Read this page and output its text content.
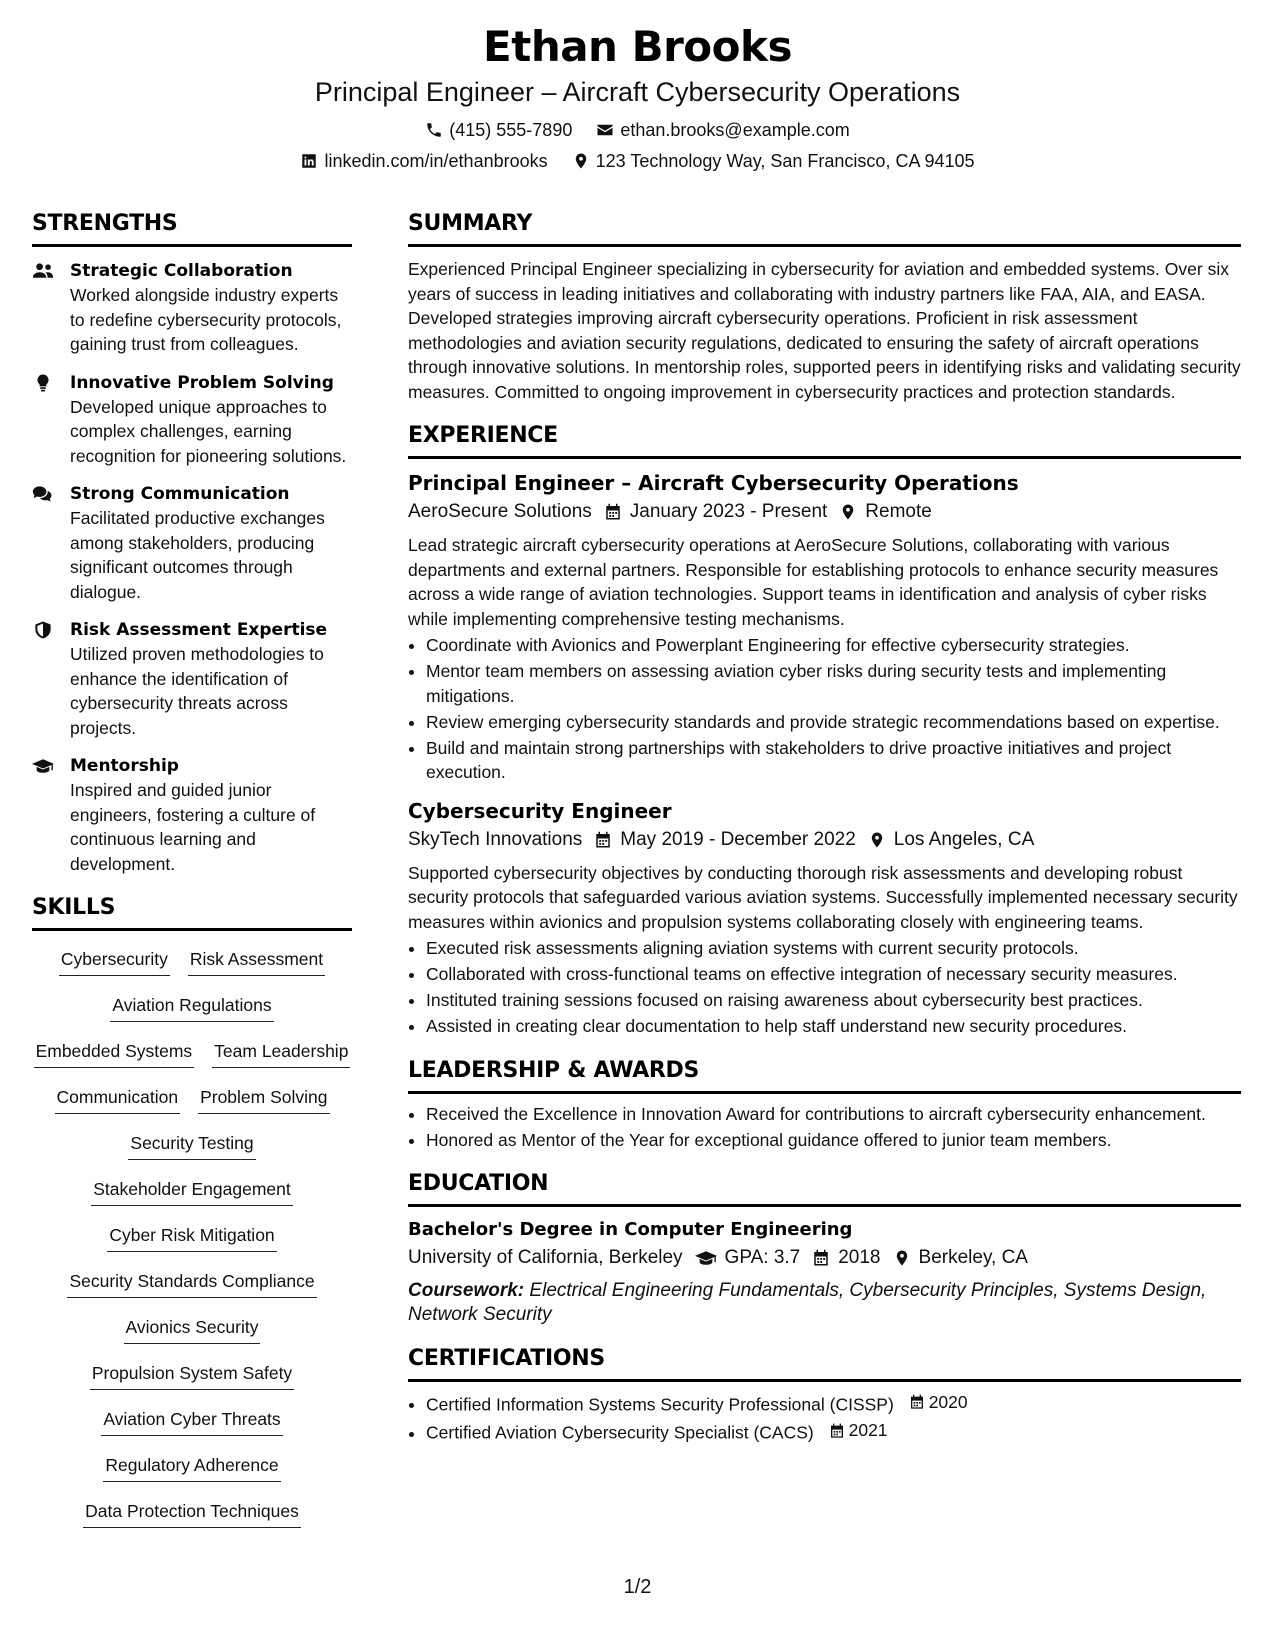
Ethan Brooks
Principal Engineer – Aircraft Cybersecurity Operations
(415) 555-7890	ethan.brooks@example.com
linkedin.com/in/ethanbrooks	123 Technology Way, San Francisco, CA 94105
STRENGTHS
Strategic Collaboration
Worked alongside industry experts to redefine cybersecurity protocols, gaining trust from colleagues.
Innovative Problem Solving
Developed unique approaches to complex challenges, earning recognition for pioneering solutions.
Strong Communication
Facilitated productive exchanges among stakeholders, producing significant outcomes through dialogue.
Risk Assessment Expertise
Utilized proven methodologies to enhance the identification of cybersecurity threats across projects.
Mentorship
Inspired and guided junior engineers, fostering a culture of continuous learning and development.
SKILLS
Cybersecurity Risk Assessment
Aviation Regulations
Embedded Systems Team Leadership
Communication Problem Solving
Security Testing
Stakeholder Engagement
Cyber Risk Mitigation
Security Standards Compliance
Avionics Security
Propulsion System Safety
Aviation Cyber Threats
Regulatory Adherence
Data Protection Techniques
SUMMARY
Experienced Principal Engineer specializing in cybersecurity for aviation and embedded systems. Over six years of success in leading initiatives and collaborating with industry partners like FAA, AIA, and EASA. Developed strategies improving aircraft cybersecurity operations. Proficient in risk assessment methodologies and aviation security regulations, dedicated to ensuring the safety of aircraft operations through innovative solutions. In mentorship roles, supported peers in identifying risks and validating security measures. Committed to ongoing improvement in cybersecurity practices and protection standards.
EXPERIENCE
Principal Engineer – Aircraft Cybersecurity Operations
AeroSecure Solutions January 2023 - Present Remote
Lead strategic aircraft cybersecurity operations at AeroSecure Solutions, collaborating with various departments and external partners. Responsible for establishing protocols to enhance security measures across a wide range of aviation technologies. Support teams in identification and analysis of cyber risks while implementing comprehensive testing mechanisms.
• Coordinate with Avionics and Powerplant Engineering for effective cybersecurity strategies.
• Mentor team members on assessing aviation cyber risks during security tests and implementing mitigations.
• Review emerging cybersecurity standards and provide strategic recommendations based on expertise.
• Build and maintain strong partnerships with stakeholders to drive proactive initiatives and project execution.
Cybersecurity Engineer
SkyTech Innovations May 2019 - December 2022 Los Angeles, CA
Supported cybersecurity objectives by conducting thorough risk assessments and developing robust security protocols that safeguarded various aviation systems. Successfully implemented necessary security measures within avionics and propulsion systems collaborating closely with engineering teams.
• Executed risk assessments aligning aviation systems with current security protocols.
• Collaborated with cross-functional teams on effective integration of necessary security measures.
• Instituted training sessions focused on raising awareness about cybersecurity best practices.
• Assisted in creating clear documentation to help staff understand new security procedures.
LEADERSHIP & AWARDS
• Received the Excellence in Innovation Award for contributions to aircraft cybersecurity enhancement.
• Honored as Mentor of the Year for exceptional guidance offered to junior team members.
EDUCATION
Bachelor's Degree in Computer Engineering
University of California, Berkeley GPA: 3.7 2018 Berkeley, CA
Coursework: Electrical Engineering Fundamentals, Cybersecurity Principles, Systems Design, Network Security
CERTIFICATIONS
• Certified Information Systems Security Professional (CISSP) 2020
• Certified Aviation Cybersecurity Specialist (CACS) 2021
1/2
